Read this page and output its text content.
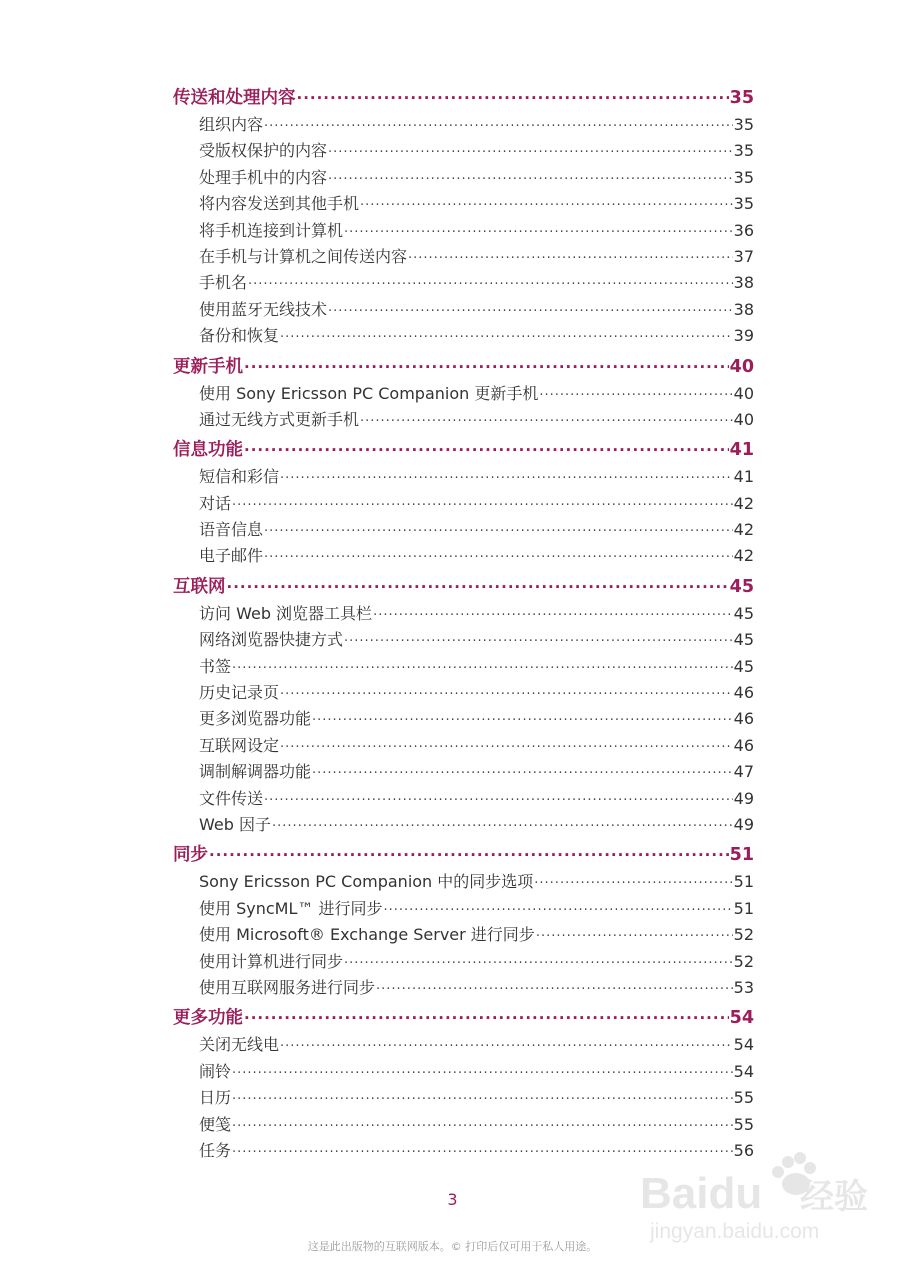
传送和处理内容 .....	35
组织内容 .....	35
受版权保护的内容 .....	35
处理手机中的内容 .....	35
将内容发送到其他手机 .....	35
将手机连接到计算机 .....	36
在手机与计算机之间传送内容 .....	37
手机名 .....	38
使用蓝牙无线技术 .....	38
备份和恢复 .....	39
更新手机 .....	40
使用 Sony Ericsson PC Companion 更新手机 .....	40
通过无线方式更新手机 .....	40
信息功能 .....	41
短信和彩信 .....	41
对话 .....	42
语音信息 .....	42
电子邮件 .....	42
互联网 .....	45
访问 Web 浏览器工具栏 .....	45
网络浏览器快捷方式 .....	45
书签 .....	45
历史记录页 .....	46
更多浏览器功能 .....	46
互联网设定 .....	46
调制解调器功能 .....	47
文件传送 .....	49
Web 因子 .....	49
同步 .....	51
Sony Ericsson PC Companion 中的同步选项 .....	51
使用 SyncML™ 进行同步 .....	51
使用 Microsoft® Exchange Server 进行同步 .....	52
使用计算机进行同步 .....	52
使用互联网服务进行同步 .....	53
更多功能 .....	54
关闭无线电 .....	54
闹铃 .....	54
日历 .....	55
便笺 .....	55
任务 .....	56
3
这是此出版物的互联网版本。© 打印后仅可用于私人用途。
Baidu 经验
jingyan.baidu.com
